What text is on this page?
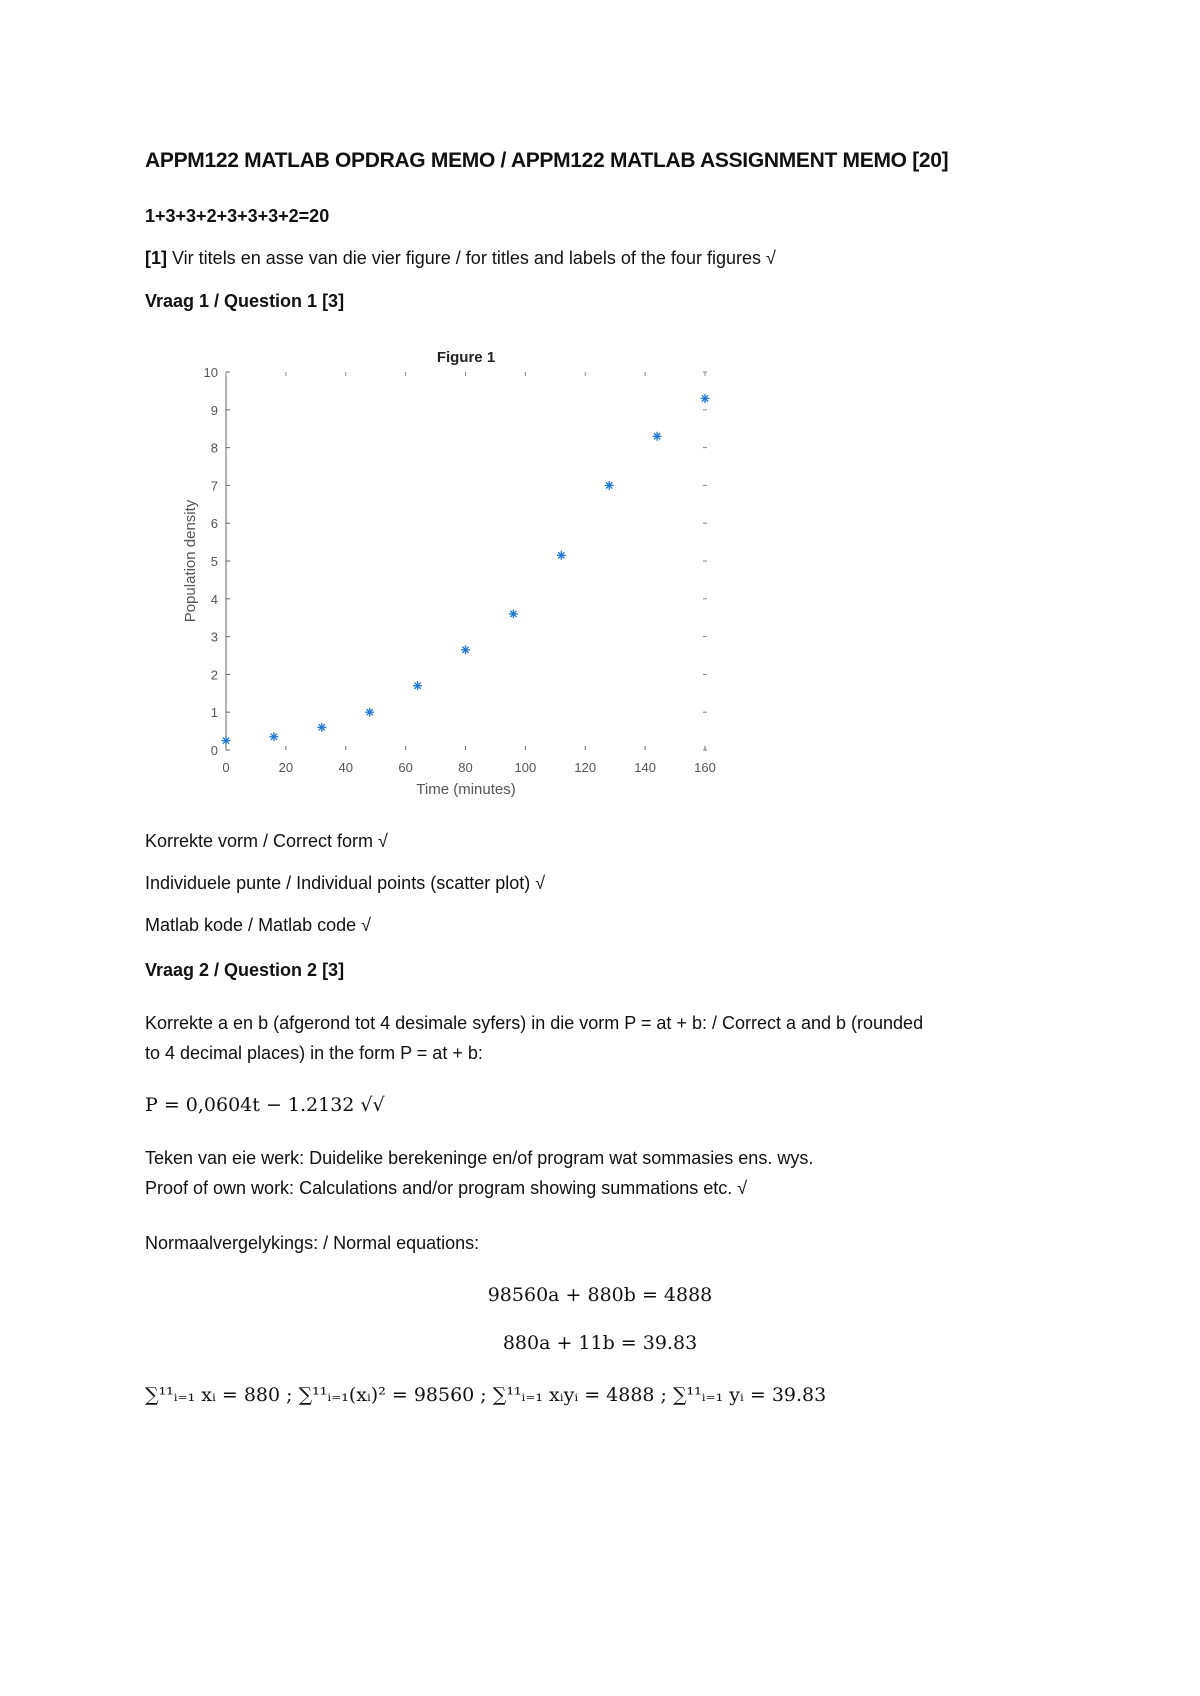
APPM122 MATLAB OPDRAG MEMO / APPM122 MATLAB ASSIGNMENT MEMO [20]
1+3+3+2+3+3+3+2=20
[1] Vir titels en asse van die vier figure / for titles and labels of the four figures √
Vraag 1 / Question 1 [3]
0
1
2
3
4
5
6
7
8
9
10
0	20	40	60	80	100	120	140	160
Figure 1
Time (minutes)
Population density
Korrekte vorm / Correct form √
Individuele punte / Individual points (scatter plot) √
Matlab kode / Matlab code √
Vraag 2 / Question 2 [3]
Korrekte a en b (afgerond tot 4 desimale syfers) in die vorm P = at + b: / Correct a and b (rounded
to 4 decimal places) in the form P = at + b:
P = 0,0604t − 1.2132 √√
Teken van eie werk: Duidelike berekeninge en/of program wat sommasies ens. wys.
Proof of own work: Calculations and/or program showing summations etc. √
Normaalvergelykings: / Normal equations:
98560a + 880b = 4888
880a + 11b = 39.83
∑¹¹ᵢ₌₁ xᵢ = 880 ; ∑¹¹ᵢ₌₁(xᵢ)² = 98560 ; ∑¹¹ᵢ₌₁ xᵢyᵢ = 4888 ; ∑¹¹ᵢ₌₁ yᵢ = 39.83
